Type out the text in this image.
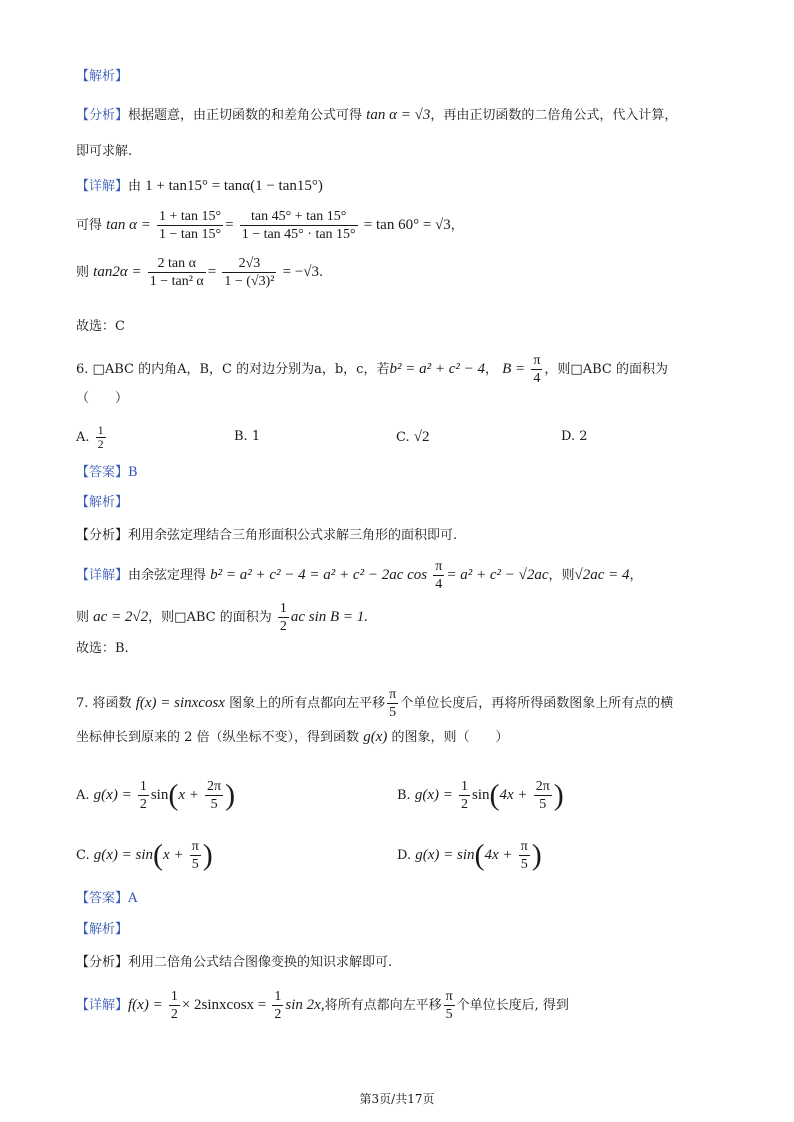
【解析】
【分析】根据题意，由正切函数的和差角公式可得 tan α = √3，再由正切函数的二倍角公式，代入计算，
即可求解.
【详解】由 1 + tan15° = tanα(1 − tan15°)
可得 $\tan \alpha = \frac{1 + \tan 15^\circ}{1 - \tan 15^\circ} = \frac{\tan 45^\circ + \tan 15^\circ}{1 - \tan 45^\circ \cdot \tan 15^\circ} = \tan 60^\circ = √3$，
则 $\tan 2\alpha = \frac{\text{2 tan α}}{\text{1 − tan² α}} = \frac{2√3}{\text{1 − (√3)²}} = -√3$.
故选：C
6. □ABC 的内角A，B，C 的对边分别为a，b，c，若b² = a² + c² − 4， $B = \frac{\pi}{4}$ ，则□ABC 的面积为
（　　）
A. $\frac{1}{2}$	B. 1	C. √2	D. 2
【答案】B
【解析】
【分析】利用余弦定理结合三角形面积公式求解三角形的面积即可.
【详解】由余弦定理得 b² = a² + c² − 4 = a² + c² − 2ac $\cos \frac{\pi}{4} = a^2 + c^2 - √2ac$，则√2ac = 4，
则 ac = 2√2，则□ABC 的面积为 $\frac{1}{2}$ ac sin B = 1.
故选：B.
7. 将函数 f(x) = sinxcosx 图象上的所有点都向左平移 $\frac{\pi}{5}$ 个单位长度后，再将所得函数图象上所有点的横
坐标伸长到原来的 2 倍（纵坐标不变），得到函数 g(x) 的图象，则（　　）
A. $g(x) = \frac{1}{2} \sin(x + \frac{2\pi}{5}$ )	B. $g(x) = \frac{1}{2} \sin(4x + \frac{2\pi}{5}$ )
C. $g(x) = \sin(x + \frac{\pi}{5}$ )	D. $g(x) = \sin(4x + \frac{\pi}{5}$ )
【答案】A
【解析】
【分析】利用二倍角公式结合图像变换的知识求解即可.
【详解】$f(x) = \frac{1}{2}$ × 2sinxcosx = $\frac{1}{2}$ sin 2x,将所有点都向左平移 $\frac{\pi}{5}$ 个单位长度后, 得到
第3页/共17页
